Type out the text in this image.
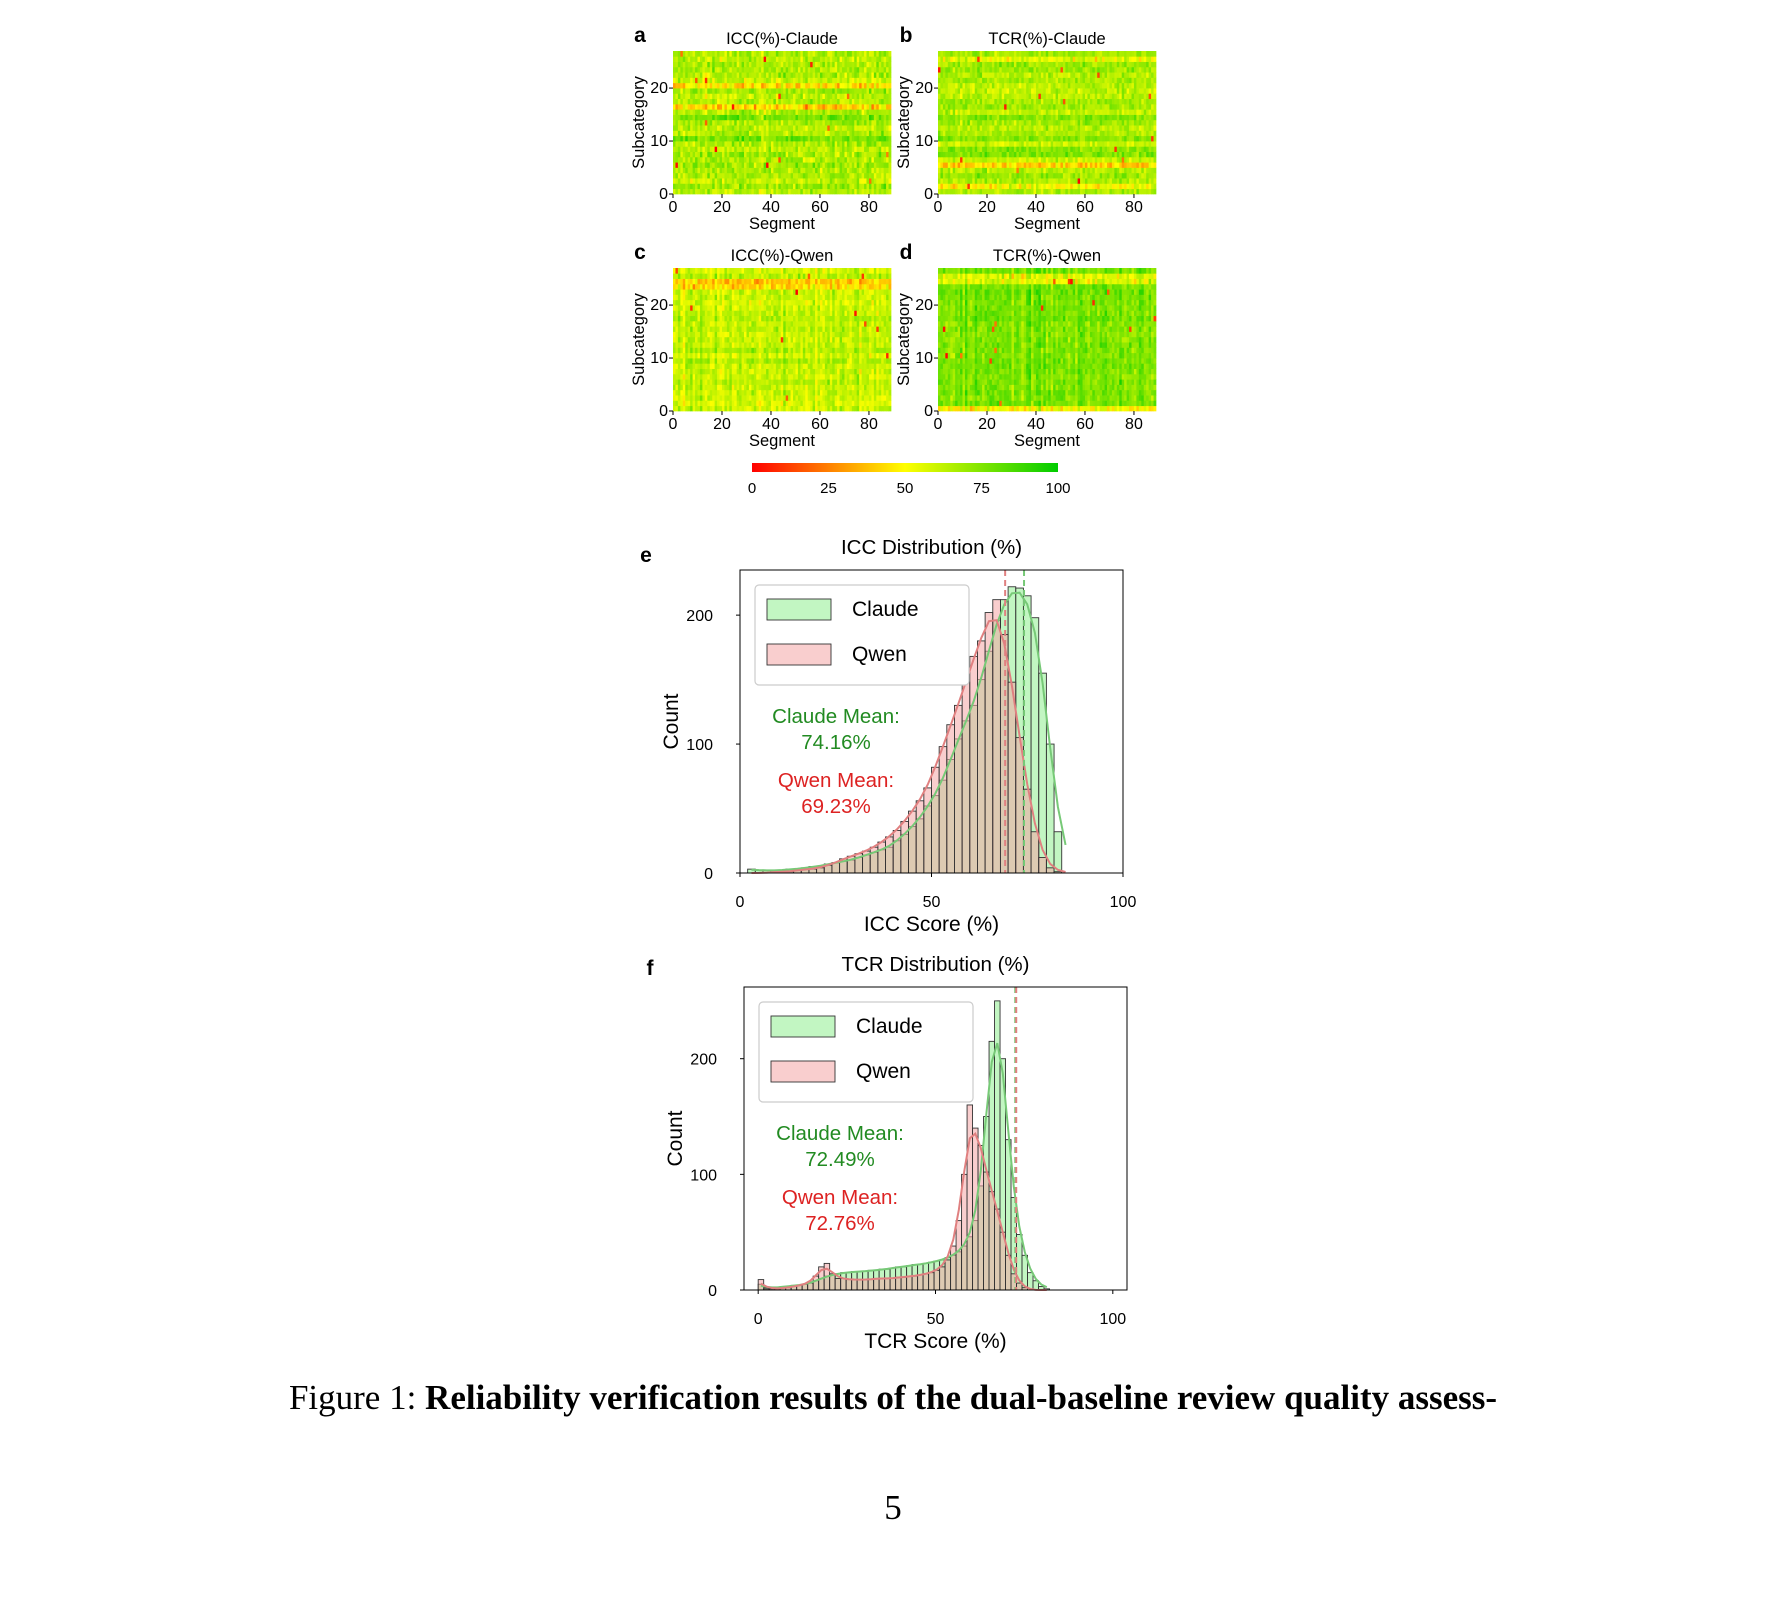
ICC(%)-Claude
a
0 20 40 60 80
0
10
20
Segment
Subcategory
TCR(%)-Claude
b
0 20 40 60 80
0
10
20
Segment
Subcategory
ICC(%)-Qwen
c
0 20 40 60 80
0
10
20
Segment
Subcategory
TCR(%)-Qwen
d
0 20 40 60 80
0
10
20
Segment
Subcategory
0	25	50	75	100
0	50	100
0
100
200
ICC Distribution (%)
e
ICC Score (%)
Count
Claude
Qwen
Claude Mean:
74.16%
Qwen Mean:
69.23%
0	50	100
0
100
200
TCR Distribution (%)
f
TCR Score (%)
Count
Claude
Qwen
Claude Mean:
72.49%
Qwen Mean:
72.76%
Figure 1: Reliability verification results of the dual-baseline review quality assess-
5
